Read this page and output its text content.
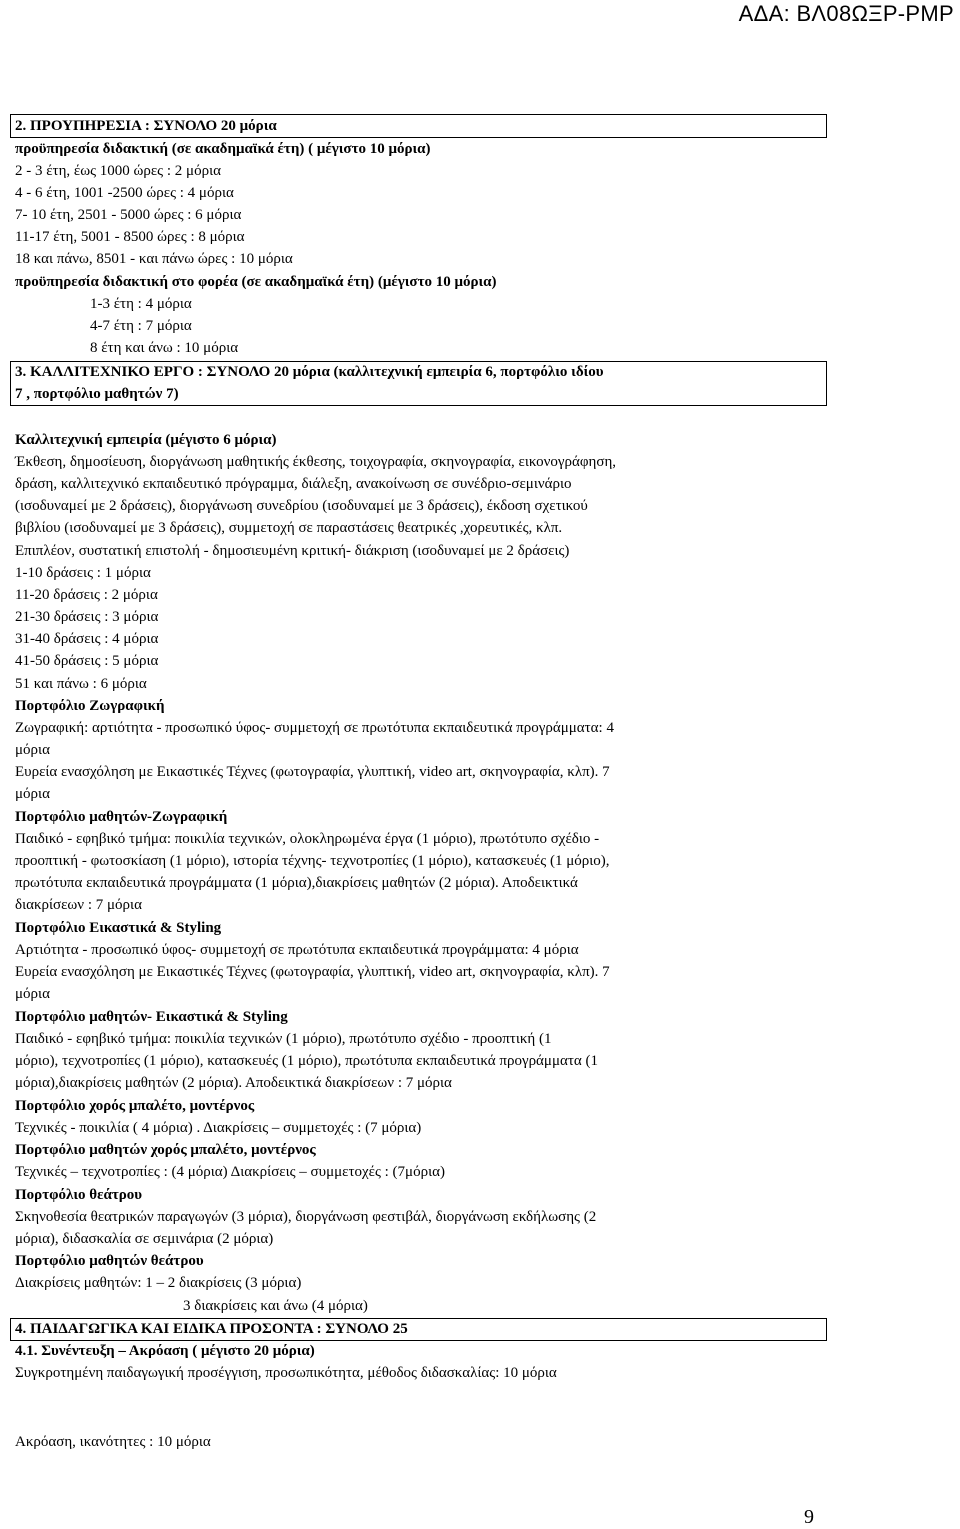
ΑΔΑ: ΒΛ08ΩΞΡ-ΡΜΡ
2. ΠΡΟΥΠΗΡΕΣΙΑ : ΣΥΝΟΛΟ 20 μόρια
προϋπηρεσία διδακτική (σε ακαδημαϊκά έτη) ( μέγιστο 10 μόρια)
2 - 3 έτη, έως 1000 ώρες : 2 μόρια
4 - 6 έτη, 1001 -2500 ώρες : 4 μόρια
7- 10 έτη, 2501 - 5000 ώρες : 6 μόρια
11-17 έτη, 5001 - 8500 ώρες : 8 μόρια
18 και πάνω, 8501 - και πάνω ώρες : 10 μόρια
προϋπηρεσία διδακτική στο φορέα (σε ακαδημαϊκά έτη) (μέγιστο 10 μόρια)
1-3 έτη : 4 μόρια
4-7 έτη : 7 μόρια
8 έτη και άνω : 10 μόρια
3. ΚΑΛΛΙΤΕΧΝΙΚΟ ΕΡΓΟ : ΣΥΝΟΛΟ 20 μόρια (καλλιτεχνική εμπειρία 6, πορτφόλιο ιδίου
7 , πορτφόλιο μαθητών 7)
Καλλιτεχνική εμπειρία (μέγιστο 6 μόρια)
Έκθεση, δημοσίευση, διοργάνωση μαθητικής έκθεσης, τοιχογραφία, σκηνογραφία, εικονογράφηση,
δράση, καλλιτεχνικό εκπαιδευτικό πρόγραμμα, διάλεξη, ανακοίνωση σε συνέδριο-σεμινάριο
(ισοδυναμεί με 2 δράσεις), διοργάνωση συνεδρίου (ισοδυναμεί με 3 δράσεις), έκδοση σχετικού
βιβλίου (ισοδυναμεί με 3 δράσεις), συμμετοχή σε παραστάσεις θεατρικές ,χορευτικές, κλπ.
Επιπλέον, συστατική επιστολή - δημοσιευμένη κριτική- διάκριση (ισοδυναμεί με 2 δράσεις)
1-10 δράσεις : 1 μόρια
11-20 δράσεις : 2 μόρια
21-30 δράσεις : 3 μόρια
31-40 δράσεις : 4 μόρια
41-50 δράσεις : 5 μόρια
51 και πάνω : 6 μόρια
Πορτφόλιο Ζωγραφική
Ζωγραφική: αρτιότητα - προσωπικό ύφος- συμμετοχή σε πρωτότυπα εκπαιδευτικά προγράμματα: 4
μόρια
Ευρεία ενασχόληση με Εικαστικές Τέχνες (φωτογραφία, γλυπτική, video art, σκηνογραφία, κλπ). 7
μόρια
Πορτφόλιο μαθητών-Ζωγραφική
Παιδικό - εφηβικό τμήμα: ποικιλία τεχνικών, ολοκληρωμένα έργα (1 μόριο), πρωτότυπο σχέδιο -
προοπτική - φωτοσκίαση (1 μόριο), ιστορία τέχνης- τεχνοτροπίες (1 μόριο), κατασκευές (1 μόριο),
πρωτότυπα εκπαιδευτικά προγράμματα (1 μόρια),διακρίσεις μαθητών (2 μόρια). Αποδεικτικά
διακρίσεων : 7 μόρια
Πορτφόλιο Εικαστικά & Styling
Αρτιότητα - προσωπικό ύφος- συμμετοχή σε πρωτότυπα εκπαιδευτικά προγράμματα: 4 μόρια
Ευρεία ενασχόληση με Εικαστικές Τέχνες (φωτογραφία, γλυπτική, video art, σκηνογραφία, κλπ). 7
μόρια
Πορτφόλιο μαθητών- Εικαστικά & Styling
Παιδικό - εφηβικό τμήμα: ποικιλία τεχνικών (1 μόριο), πρωτότυπο σχέδιο - προοπτική (1
μόριο), τεχνοτροπίες (1 μόριο), κατασκευές (1 μόριο), πρωτότυπα εκπαιδευτικά προγράμματα (1
μόρια),διακρίσεις μαθητών (2 μόρια). Αποδεικτικά διακρίσεων : 7 μόρια
Πορτφόλιο χορός μπαλέτο, μοντέρνος
Τεχνικές - ποικιλία ( 4 μόρια) . Διακρίσεις – συμμετοχές : (7 μόρια)
Πορτφόλιο μαθητών χορός μπαλέτο, μοντέρνος
Τεχνικές – τεχνοτροπίες : (4 μόρια) Διακρίσεις – συμμετοχές : (7μόρια)
Πορτφόλιο θεάτρου
Σκηνοθεσία θεατρικών παραγωγών (3 μόρια), διοργάνωση φεστιβάλ, διοργάνωση εκδήλωσης (2
μόρια), διδασκαλία σε σεμινάρια (2 μόρια)
Πορτφόλιο μαθητών θεάτρου
Διακρίσεις μαθητών: 1 – 2 διακρίσεις (3 μόρια)
3 διακρίσεις και άνω (4 μόρια)
4. ΠΑΙΔΑΓΩΓΙΚΑ ΚΑΙ ΕΙΔΙΚΑ ΠΡΟΣΟΝΤΑ : ΣΥΝΟΛΟ 25
4.1. Συνέντευξη – Ακρόαση ( μέγιστο 20 μόρια)
Συγκροτημένη παιδαγωγική προσέγγιση, προσωπικότητα, μέθοδος διδασκαλίας: 10 μόρια
Ακρόαση, ικανότητες : 10 μόρια
9
